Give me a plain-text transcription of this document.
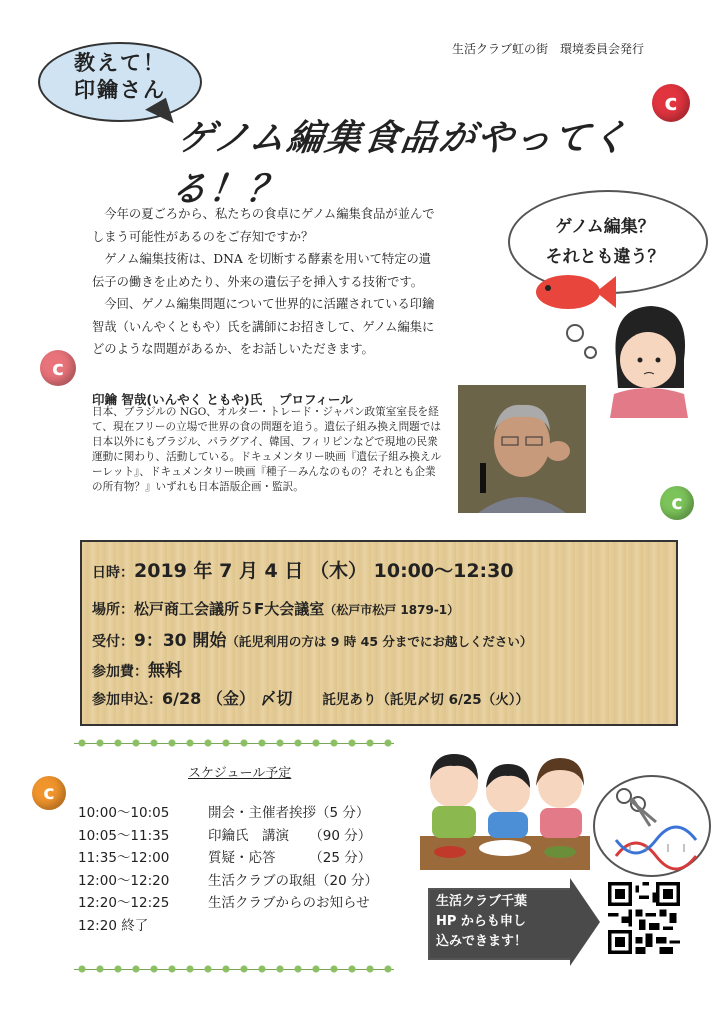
生活クラブ虹の街　環境委員会発行
教えて！
印鑰さん
c
ゲノム編集食品がやってくる！？

今年の夏ごろから、私たちの食卓にゲノム編集食品が並んでしまう可能性があるのをご存知ですか？

ゲノム編集技術は、DNA を切断する酵素を用いて特定の遺伝子の働きを止めたり、外来の遺伝子を挿入する技術です。

今回、ゲノム編集問題について世界的に活躍されている印鑰智哉（いんやくともや）氏を講師にお招きして、ゲノム編集にどのような問題があるか、をお話しいただきます。

c
ゲノム編集？
それとも違う？
印鑰 智哉(いんやく ともや)氏　 プロフィール
日本、ブラジルの NGO、オルター・トレード・ジャパン政策室室長を経て、現在フリーの立場で世界の食の問題を追う。遺伝子組み換え問題では日本以外にもブラジル、パラグアイ、韓国、フィリピンなどで現地の民衆運動に関わり、活動している。ドキュメンタリー映画『遺伝子組み換えルーレット』、ドキュメンタリー映画『種子－みんなのもの？それとも企業の所有物？』いずれも日本語版企画・監訳。
c
日時：2019 年 7 月 4 日 （木） 10:00〜12:30
場所：松戸商工会議所５F大会議室（松戸市松戸 1879-1）
受付：9：30 開始（託児利用の方は 9 時 45 分までにお越しください）
参加費：無料
参加申込：6/28 （金） 〆切 託児あり（託児〆切 6/25（火））
c
スケジュール予定
10:00〜10:05	開会・主催者挨拶（5 分）
10:05〜11:35	印鑰氏　講演　　（90 分）
11:35〜12:00	質疑・応答　　　（25 分）
12:00〜12:20	生活クラブの取組（20 分）
12:20〜12:25	生活クラブからのお知らせ
12:20 終了	
生活クラブ千葉
HP からも申し
込みできます！
